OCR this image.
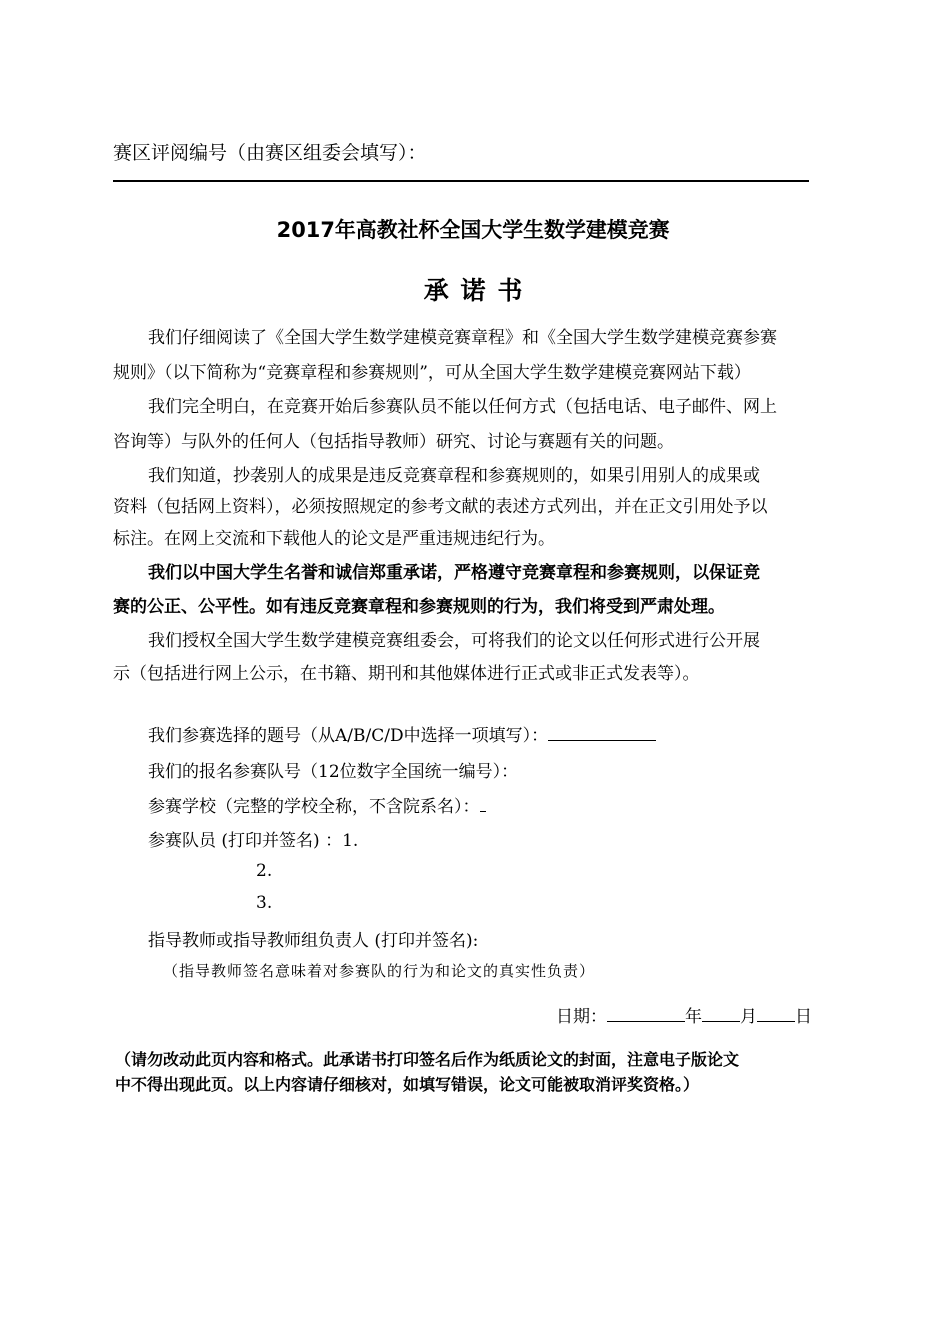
赛区评阅编号（由赛区组委会填写）：
2017年高教社杯全国大学生数学建模竞赛
承诺书
我们仔细阅读了《全国大学生数学建模竞赛章程》和《全国大学生数学建模竞赛参赛
规则》（以下简称为“竞赛章程和参赛规则”，可从全国大学生数学建模竞赛网站下载）
我们完全明白，在竞赛开始后参赛队员不能以任何方式（包括电话、电子邮件、网上
咨询等）与队外的任何人（包括指导教师）研究、讨论与赛题有关的问题。
我们知道，抄袭别人的成果是违反竞赛章程和参赛规则的，如果引用别人的成果或
资料（包括网上资料），必须按照规定的参考文献的表述方式列出，并在正文引用处予以
标注。在网上交流和下载他人的论文是严重违规违纪行为。
我们以中国大学生名誉和诚信郑重承诺，严格遵守竞赛章程和参赛规则，以保证竞
赛的公正、公平性。如有违反竞赛章程和参赛规则的行为，我们将受到严肃处理。
我们授权全国大学生数学建模竞赛组委会，可将我们的论文以任何形式进行公开展
示（包括进行网上公示，在书籍、期刊和其他媒体进行正式或非正式发表等）。
我们参赛选择的题号（从A/B/C/D中选择一项填写）：
我们的报名参赛队号（12位数字全国统一编号）：
参赛学校（完整的学校全称，不含院系名）：
参赛队员 (打印并签名) ：1.
2.
3.
指导教师或指导教师组负责人 (打印并签名):
（指导教师签名意味着对参赛队的行为和论文的真实性负责）
日期：	年 月 日
（请勿改动此页内容和格式。此承诺书打印签名后作为纸质论文的封面，注意电子版论文
中不得出现此页。以上内容请仔细核对，如填写错误，论文可能被取消评奖资格。）
